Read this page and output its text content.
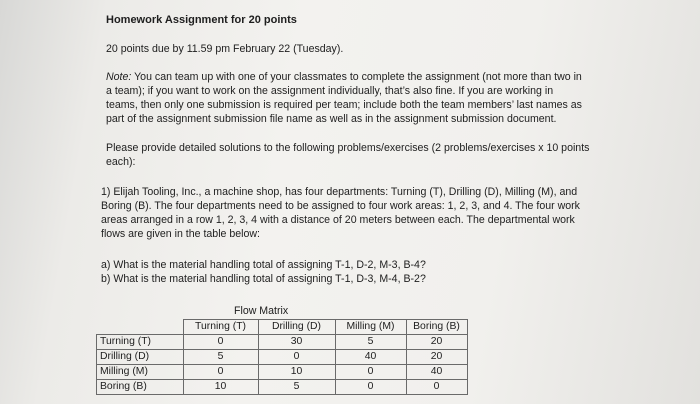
Homework Assignment for 20 points
20 points due by 11.59 pm February 22 (Tuesday).
Note: You can team up with one of your classmates to complete the assignment (not more than two in
a team); if you want to work on the assignment individually, that’s also fine. If you are working in
teams, then only one submission is required per team; include both the team members’ last names as
part of the assignment submission file name as well as in the assignment submission document.
Please provide detailed solutions to the following problems/exercises (2 problems/exercises x 10 points
each):
1) Elijah Tooling, Inc., a machine shop, has four departments: Turning (T), Drilling (D), Milling (M), and
Boring (B). The four departments need to be assigned to four work areas: 1, 2, 3, and 4. The four work
areas arranged in a row 1, 2, 3, 4 with a distance of 20 meters between each. The departmental work
flows are given in the table below:
a) What is the material handling total of assigning T-1, D-2, M-3, B-4?
b) What is the material handling total of assigning T-1, D-3, M-4, B-2?
Flow Matrix
	Turning (T)	Drilling (D)	Milling (M)	Boring (B)
Turning (T)	0	30	5	20
Drilling (D)	5	0	40	20
Milling (M)	0	10	0	40
Boring (B)	10	5	0	0
